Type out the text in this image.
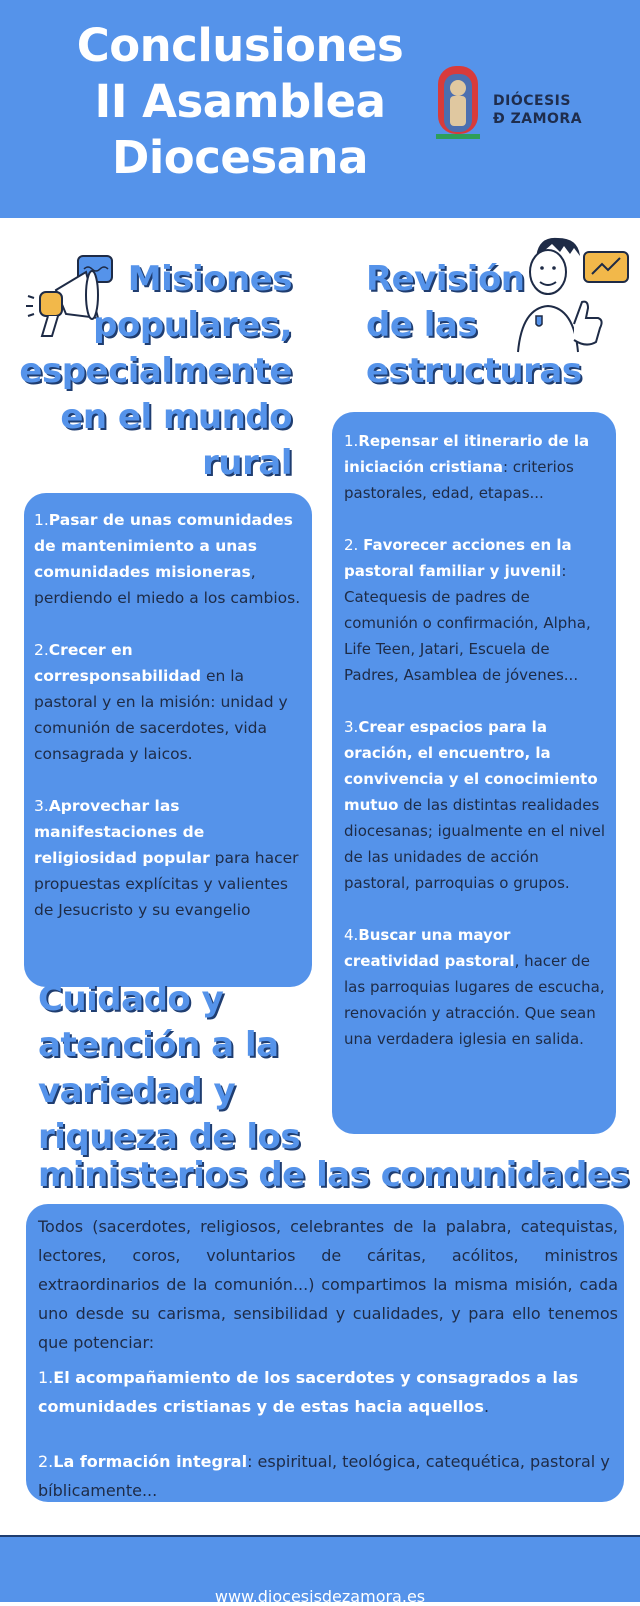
Conclusiones
II Asamblea
Diocesana
DIÓCESIS
Ð ZAMORA
Misiones
populares,
especialmente
en el mundo
rural
Revisión
de las
estructuras

1.Repensar el itinerario de la iniciación cristiana: criterios pastorales, edad, etapas...

2. Favorecer acciones en la pastoral familiar y juvenil: Catequesis de padres de comunión o confirmación, Alpha, Life Teen, Jatari, Escuela de Padres, Asamblea de jóvenes...

3.Crear espacios para la oración, el encuentro, la convivencia y el conocimiento mutuo de las distintas realidades diocesanas; igualmente en el nivel de las unidades de acción pastoral, parroquias o grupos.

4.Buscar una mayor creatividad pastoral, hacer de las parroquias lugares de escucha, renovación y atracción. Que sean una verdadera iglesia en salida.

1.Pasar de unas comunidades de mantenimiento a unas comunidades misioneras, perdiendo el miedo a los cambios.

2.Crecer en corresponsabilidad en la pastoral y en la misión: unidad y comunión de sacerdotes, vida consagrada y laicos.

3.Aprovechar las manifestaciones de religiosidad popular para hacer propuestas explícitas y valientes de Jesucristo y su evangelio

Cuidado y
atención a la
variedad y
riqueza de los
ministerios de las comunidades

Todos (sacerdotes, religiosos, celebrantes de la palabra, catequistas, lectores, coros, voluntarios de cáritas, acólitos, ministros extraordinarios de la comunión...) compartimos la misma misión, cada uno desde su carisma, sensibilidad y cualidades, y para ello tenemos que potenciar:

1.El acompañamiento de los sacerdotes y consagrados a las comunidades cristianas y de estas hacia aquellos.

2.La formación integral: espiritual, teológica, catequética, pastoral y bíblicamente...

www.diocesisdezamora.es
